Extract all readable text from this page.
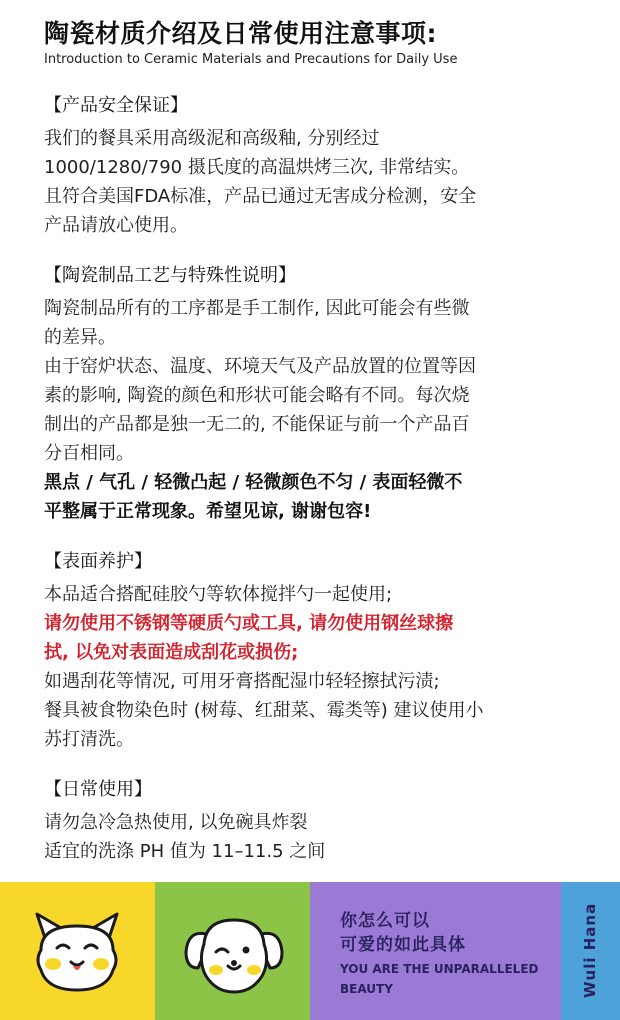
陶瓷材质介绍及日常使用注意事项:
Introduction to Ceramic Materials and Precautions for Daily Use
【产品安全保证】
我们的餐具采用高级泥和高级釉, 分别经过
1000/1280/790 摄氏度的高温烘烤三次, 非常结实。
且符合美国FDA标准，产品已通过无害成分检测，安全
产品请放心使用。
【陶瓷制品工艺与特殊性说明】
陶瓷制品所有的工序都是手工制作, 因此可能会有些微
的差异。
由于窑炉状态、温度、环境天气及产品放置的位置等因
素的影响, 陶瓷的颜色和形状可能会略有不同。每次烧
制出的产品都是独一无二的, 不能保证与前一个产品百
分百相同。
黑点 / 气孔 / 轻微凸起 / 轻微颜色不匀 / 表面轻微不
平整属于正常现象。希望见谅, 谢谢包容!
【表面养护】
本品适合搭配硅胶勺等软体搅拌勺一起使用;
请勿使用不锈钢等硬质勺或工具, 请勿使用钢丝球擦
拭, 以免对表面造成刮花或损伤;
如遇刮花等情况, 可用牙膏搭配湿巾轻轻擦拭污渍;
餐具被食物染色时 (树莓、红甜菜、霉类等) 建议使用小
苏打清洗。
【日常使用】
请勿急冷急热使用, 以免碗具炸裂
适宜的洗涤 PH 值为 11–11.5 之间
你怎么可以
可爱的如此具体
YOU ARE THE UNPARALLELED
BEAUTY	Wuli Hana
